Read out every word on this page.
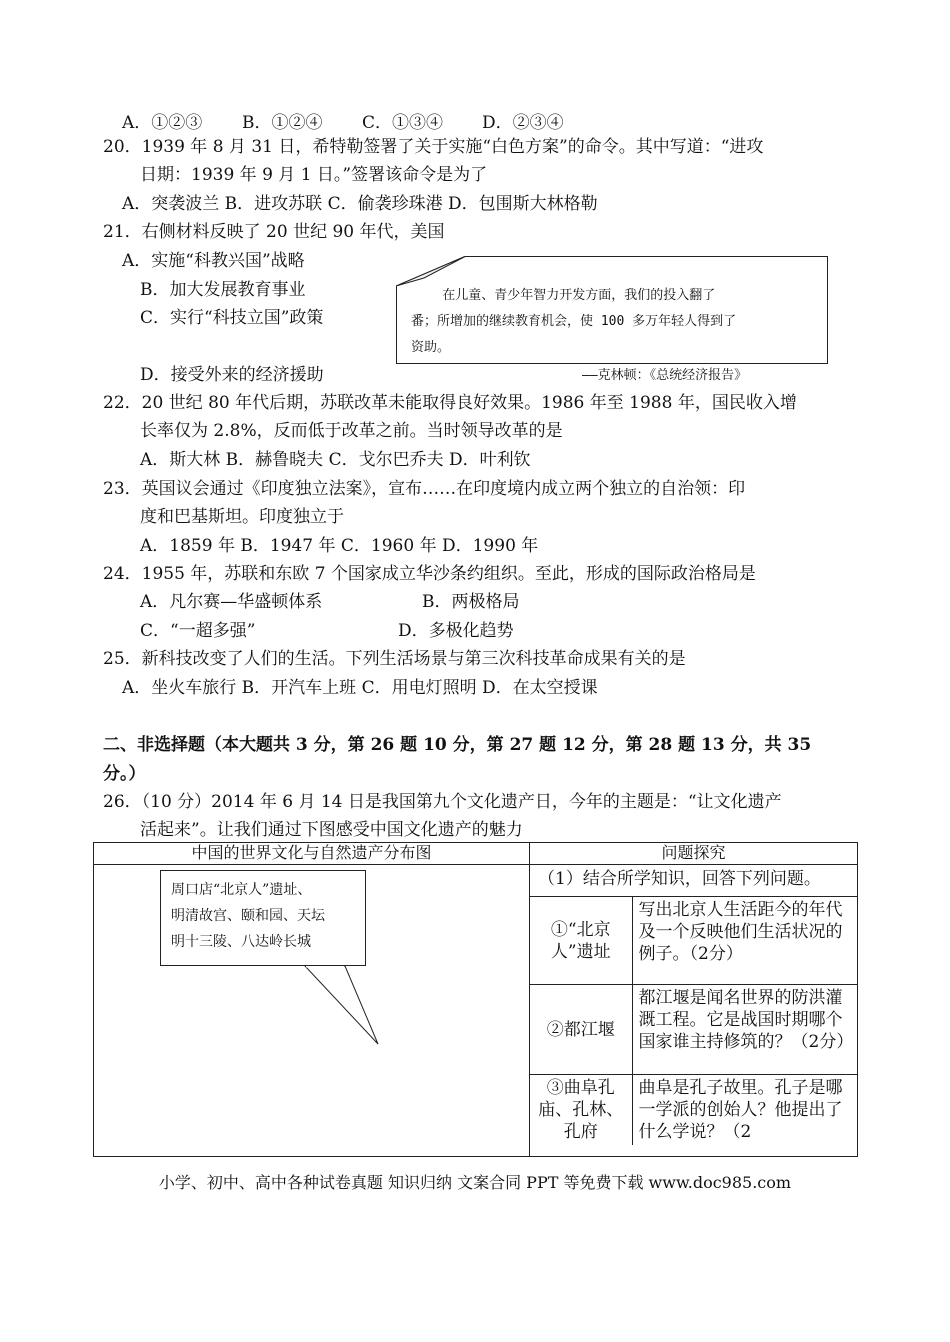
A．①②③ B．①②④ C．①③④ D．②③④
20．1939 年 8 月 31 日，希特勒签署了关于实施“白色方案”的命令。其中写道：“进攻
日期：1939 年 9 月 1 日。”签署该命令是为了
A．突袭波兰 B．进攻苏联 C．偷袭珍珠港 D．包围斯大林格勒
21．右侧材料反映了 20 世纪 90 年代，美国
A．实施“科教兴国”战略
B．加大发展教育事业
C．实行“科技立国”政策
D．接受外来的经济援助
在儿童、青少年智力开发方面，我们的投入翻了
番；所增加的继续教育机会，使 100 多万年轻人得到了
资助。
——克林顿：《总统经济报告》
22．20 世纪 80 年代后期，苏联改革未能取得良好效果。1986 年至 1988 年，国民收入增
长率仅为 2.8%，反而低于改革之前。当时领导改革的是
A．斯大林 B．赫鲁晓夫 C．戈尔巴乔夫 D．叶利钦
23．英国议会通过《印度独立法案》，宣布……在印度境内成立两个独立的自治领：印
度和巴基斯坦。印度独立于
A．1859 年 B．1947 年 C．1960 年 D．1990 年
24．1955 年，苏联和东欧 7 个国家成立华沙条约组织。至此，形成的国际政治格局是
A．凡尔赛—华盛顿体系	B．两极格局
C．“一超多强”	D．多极化趋势
25．新科技改变了人们的生活。下列生活场景与第三次科技革命成果有关的是
A．坐火车旅行 B．开汽车上班 C．用电灯照明 D．在太空授课
二、非选择题（本大题共 3 分，第 26 题 10 分，第 27 题 12 分，第 28 题 13 分，共 35
分。）
26．（10 分）2014 年 6 月 14 日是我国第九个文化遗产日，今年的主题是：“让文化遗产
活起来”。让我们通过下图感受中国文化遗产的魅力
中国的世界文化与自然遗产分布图	问题探究

（1）结合所学知识，回答下列问题。
①“北京人”遗址	写出北京人生活距今的年代及一个反映他们生活状况的例子。（2分）
②都江堰	都江堰是闻名世界的防洪灌溉工程。它是战国时期哪个国家谁主持修筑的？（2分）
③曲阜孔庙、孔林、孔府	曲阜是孔子故里。孔子是哪一学派的创始人？他提出了什么学说？（2
周口店“北京人”遗址、
明清故宫、颐和园、天坛
明十三陵、八达岭长城
小学、初中、高中各种试卷真题 知识归纳 文案合同 PPT 等免费下载 www.doc985.com
